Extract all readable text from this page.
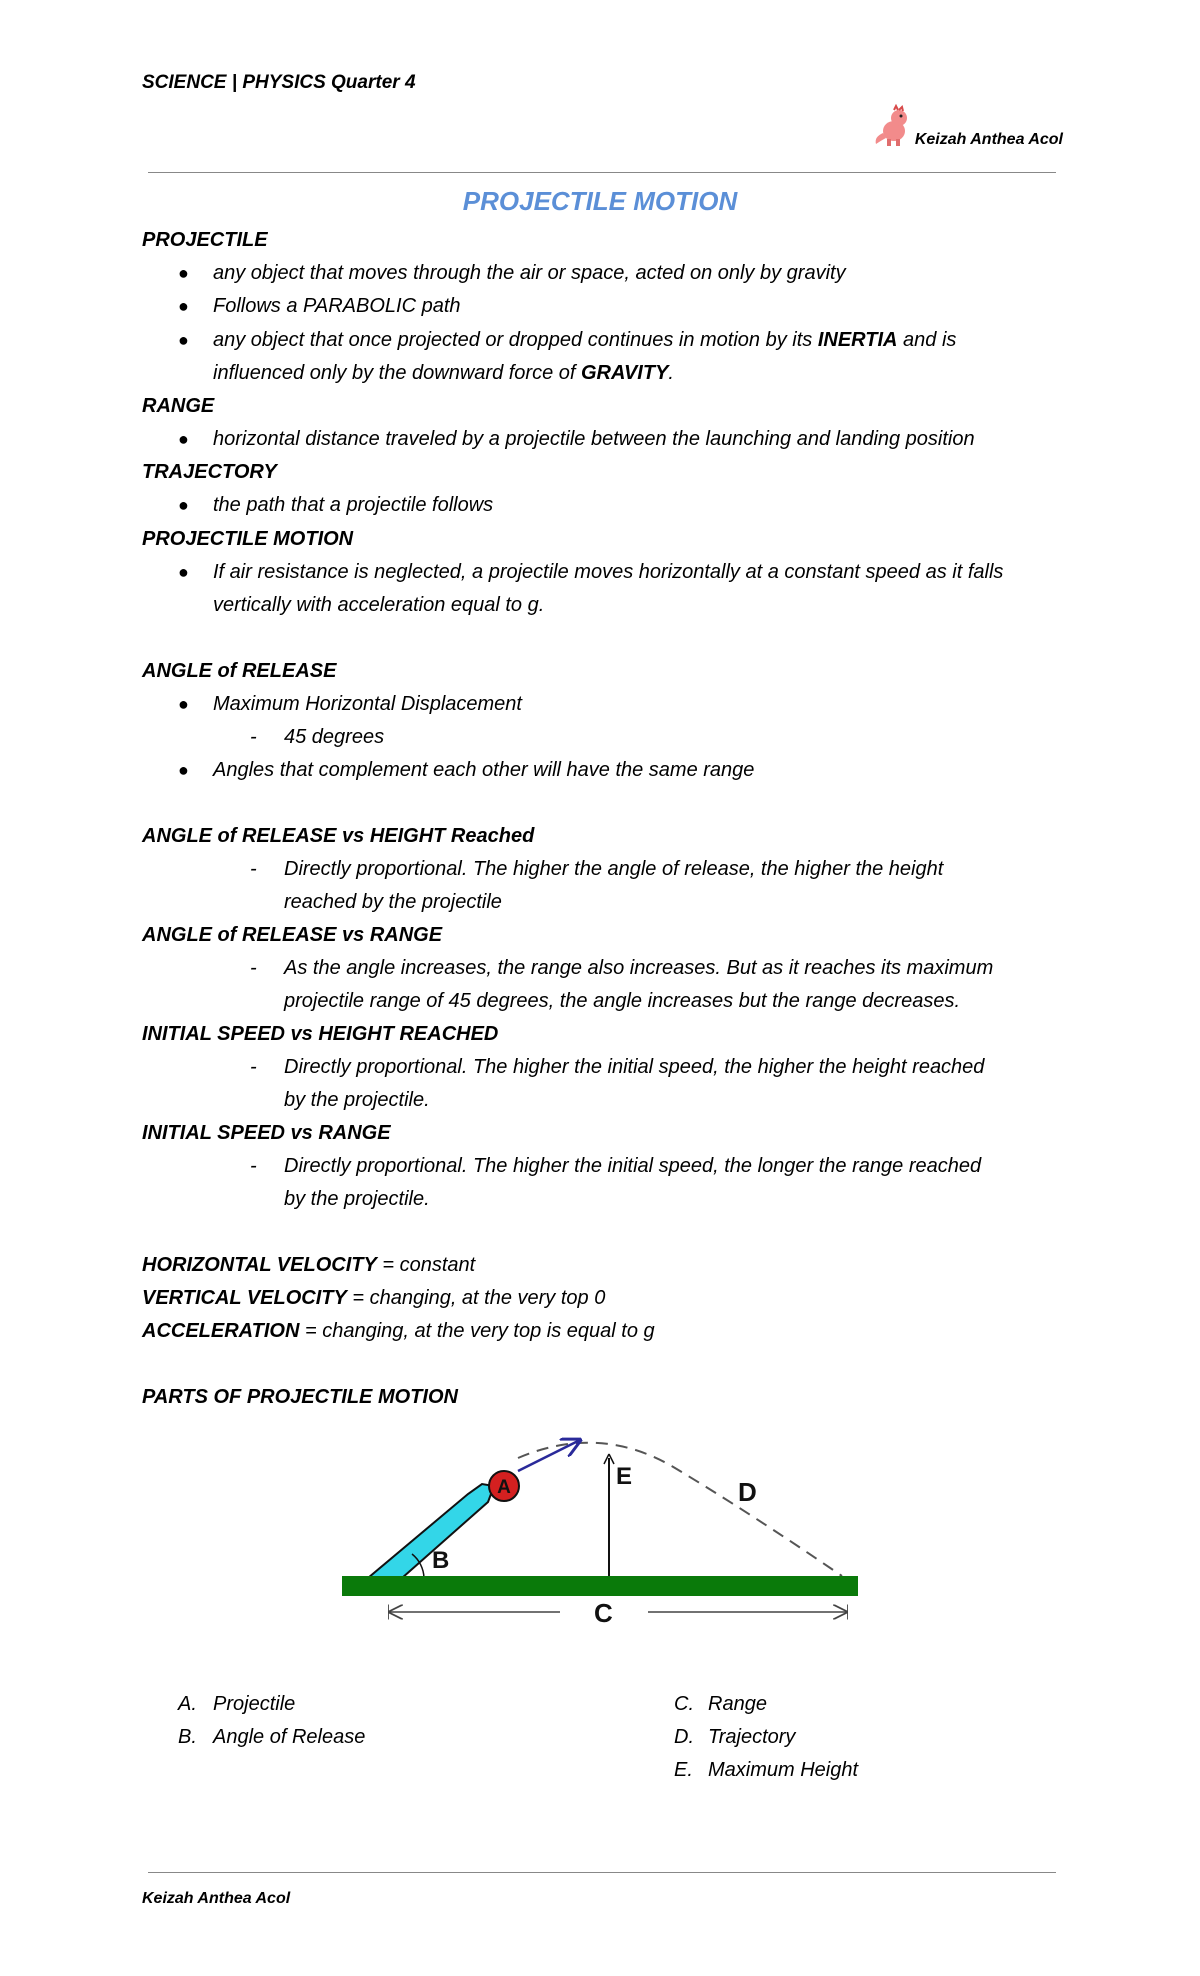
SCIENCE | PHYSICS Quarter 4
Keizah Anthea Acol
PROJECTILE MOTION
PROJECTILE
● any object that moves through the air or space, acted on only by gravity
● Follows a PARABOLIC path
● any object that once projected or dropped continues in motion by its INERTIA and is
influenced only by the downward force of GRAVITY.
RANGE
● horizontal distance traveled by a projectile between the launching and landing position
TRAJECTORY
● the path that a projectile follows
PROJECTILE MOTION
● If air resistance is neglected, a projectile moves horizontally at a constant speed as it falls
vertically with acceleration equal to g.
ANGLE of RELEASE
● Maximum Horizontal Displacement
- 45 degrees
● Angles that complement each other will have the same range
ANGLE of RELEASE vs HEIGHT Reached
- Directly proportional. The higher the angle of release, the higher the height
reached by the projectile
ANGLE of RELEASE vs RANGE
- As the angle increases, the range also increases. But as it reaches its maximum
projectile range of 45 degrees, the angle increases but the range decreases.
INITIAL SPEED vs HEIGHT REACHED
- Directly proportional. The higher the initial speed, the higher the height reached
by the projectile.
INITIAL SPEED vs RANGE
- Directly proportional. The higher the initial speed, the longer the range reached
by the projectile.
HORIZONTAL VELOCITY = constant
VERTICAL VELOCITY = changing, at the very top 0
ACCELERATION = changing, at the very top is equal to g
PARTS OF PROJECTILE MOTION
A
B
C
D
E
A. Projectile
B. Angle of Release
C. Range
D. Trajectory
E. Maximum Height
Keizah Anthea Acol
